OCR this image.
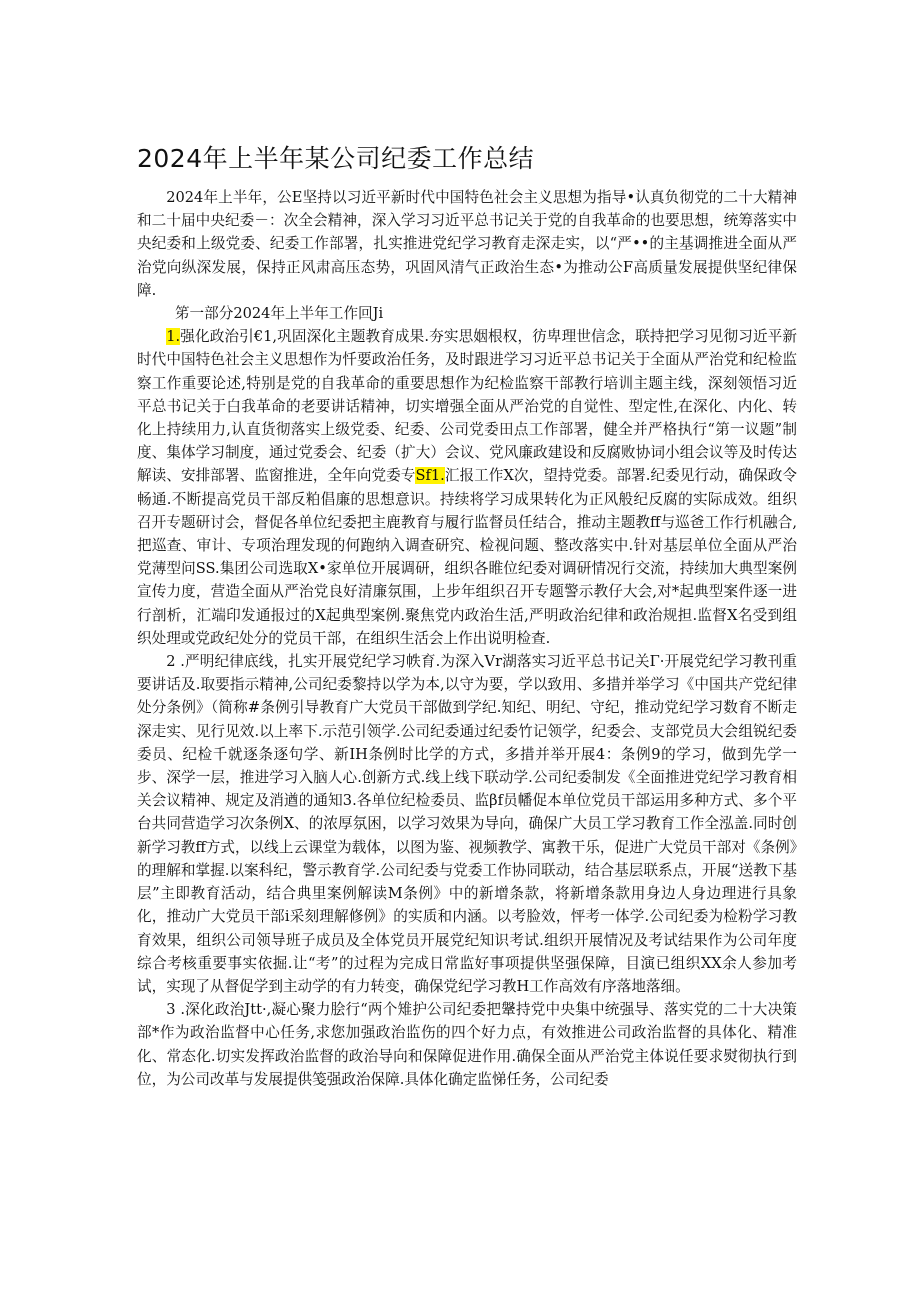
2024年上半年某公司纪委工作总结

2024年上半年，公E坚持以习近平新时代中国特色社会主义思想为指导•认真负彻党的二十大精神和二十届中央纪委－：次全会精神，深入学习习近平总书记关于党的自我革命的也要思想，统筹落实中央纪委和上级党委、纪委工作部署，扎实推进党纪学习教育走深走实，以“严••的主基调推进全面从严治党向纵深发展，保持正风肃高压态势，巩固风清气正政治生态•为推动公F高质量发展提供坚纪律保障.

笫一部分2024年上半年工作回Ji

1.强化政治引€1,巩固深化主题教育成果.夯实思姻根权，彷卑理世信念，联持把学习见彻习近平新时代中国特色社会主义思想作为忏要政治任务，及时跟进学习习近平总书记关于全面从严治党和纪检监察工作重要论述,特别是党的自我革命的重要思想作为纪检监察干部教行培训主题主线，深刻领悟习近平总书记关于白我革命的老要讲话精神，切实增强全面从严治党的自觉性、型定性,在深化、内化、转化上持续用力,认直货彻落实上级党委、纪委、公司党委田点工作部署，健全并严格执行“第一议题”制度、集体学习制度，通过党委会、纪委（扩大）会议、党风廉政建设和反腐败协词小组会议等及时传达解读、安排部署、监窗推进，全年向党委专Sf1.汇报工作X次，望持党委。部署.纪委见行动，确保政令畅通.不断提高党员干部反粕倡廉的思想意识。持续将学习成果转化为正风般纪反腐的实际成效。组织召开专题研讨会，督促各单位纪委把主鹿教育与履行监督员任结合，推动主题教ff与巡爸工作行机融合,把巡查、审计、专项治理发现的何跑纳入调查研究、检视问题、整改落实中.针对基层单位全面从严治党薄型问SS.集团公司选取X•家单位开展调研，组织各睢位纪委对调研情况行交流，持续加大典型案例宣传力度，营造全面从严治党良好清廉氛围，上步年组织召开专题警示教仔大会,对*起典型案件逐一进行剖析，汇端印发通报过的X起典型案例.聚焦党内政治生活,严明政治纪律和政治规担.监督X名受到组织处理或党政纪处分的党员干部，在组织生活会上作出说明检查.

2 .严明纪律底线，扎实开展党纪学习帙育.为深入Vr湖落实习近平总书记关Γ·开展党纪学习教刊重要讲话及.取要指示精神,公司纪委黎持以学为本,以守为要，学以致用、多措并举学习《中国共产党纪律处分条例》（简称#条例引导教育广大党员干部做到学纪.知纪、明纪、守纪，推动党纪学习数育不断走深走实、见行见效.以上率下.示范引领学.公司纪委通过纪委竹记领学，纪委会、支部党员大会组锐纪委委员、纪检千就逐条逐句学、新IH条例时比学的方式，多措并举开展4：条例9的学习，做到先学一步、深学一层，推进学习入脑人心.创新方式.线上线下联动学.公司纪委制发《全面推进党纪学习教育相关会议精神、规定及消遒的通知3.各单位纪检委员、监βf员幡促本单位党员干部运用多种方式、多个平台共同营造学习次条例X、的浓厚氛困，以学习效果为导向，确保广大员工学习教育工作全泓盖.同时创新学习教ff方式，以线上云课堂为载体，以图为鉴、视频教学、寓教干乐，促进广大党员干部对《条例》的理解和掌握.以案科纪，警示教育学.公司纪委与党委工作协同联动，结合基层联系点，开展“送教下基层”主即教育活动，结合典里案例解读M条例》中的新增条款，将新增条款用身边人身边理进行具象化，推动广大党员干部i采刻理解修例》的实质和内涵。以考脸效，怦考一体学.公司纪委为检粉学习教育效果，组织公司领导班子成员及全体党员开展党纪知识考试.组织开展情况及考试结果作为公司年度综合考核重要事实依掘.让“考”的过程为完成日常监好事项提供坚强保障，目演已组织XX余人参加考试，实现了从督促学到主动学的有力转变，确保党纪学习教H工作高效有序落地落细。

3 .深化政治Jtt·,凝心聚力脍行“两个雉护公司纪委把鞶持党中央集中统强导、落实党的二十大决策部*作为政治监督中心任务,求您加强政治监伤的四个好力点，有效推进公司政治监督的具体化、精准化、常态化.切实发挥政治监督的政治导向和保障促进作用.确保全面从严治党主体说任要求熨彻执行到位，为公司改革与发展提供笺强政治保障.具体化确定监悌任务，公司纪委
